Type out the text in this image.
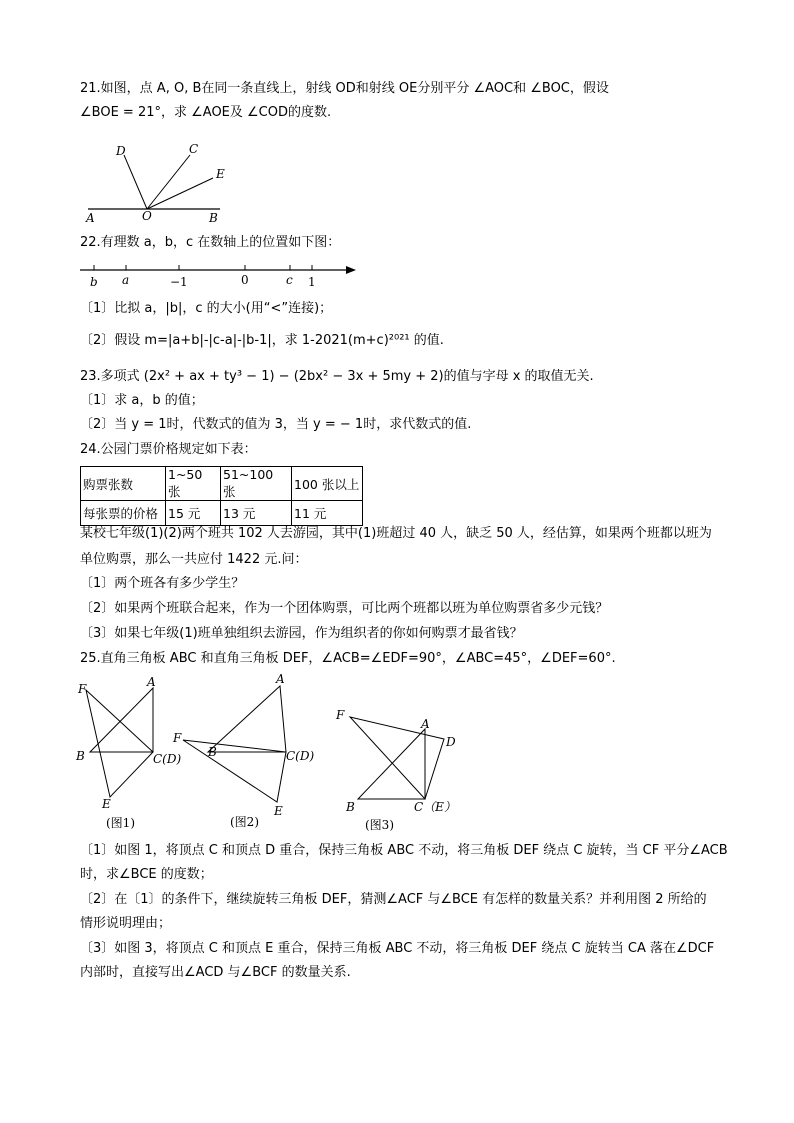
21.如图，点 A, O, B在同一条直线上，射线 OD和射线 OE分别平分 ∠AOC和 ∠BOC，假设
∠BOE = 21°，求 ∠AOE及 ∠COD的度数.
A	O	B
C
D
E
22.有理数 a，b，c 在数轴上的位置如下图：
b a	−1	0	c 1
〔1〕比拟 a，|b|，c 的大小(用“<”连接)；
〔2〕假设 m=|a+b|-|c-a|-|b-1|，求 1-2021(m+c)²⁰²¹ 的值.
23.多项式 (2x² + ax + ty³ − 1) − (2bx² − 3x + 5my + 2)的值与字母 x 的取值无关.
〔1〕求 a，b 的值；
〔2〕当 y = 1时，代数式的值为 3，当 y = − 1时，求代数式的值.
24.公园门票价格规定如下表：
购票张数	1~50 张	51~100 张	100 张以上
每张票的价格	15 元	13 元	11 元
某校七年级(1)(2)两个班共 102 人去游园，其中(1)班超过 40 人，缺乏 50 人，经估算，如果两个班都以班为
单位购票，那么一共应付 1422 元.问：
〔1〕两个班各有多少学生？
〔2〕如果两个班联合起来，作为一个团体购票，可比两个班都以班为单位购票省多少元钱？
〔3〕如果七年级(1)班单独组织去游园，作为组织者的你如何购票才最省钱？
25.直角三角板 ABC 和直角三角板 DEF，∠ACB=∠EDF=90°，∠ABC=45°，∠DEF=60°.
F	A
B	C(D)
E
(图1)
A
F
B	C(D)
E
(图2)
F
A
D
B	C（E）
(图3)
〔1〕如图 1，将顶点 C 和顶点 D 重合，保持三角板 ABC 不动，将三角板 DEF 绕点 C 旋转，当 CF 平分∠ACB
时，求∠BCE 的度数；
〔2〕在〔1〕的条件下，继续旋转三角板 DEF，猜测∠ACF 与∠BCE 有怎样的数量关系？并利用图 2 所给的
情形说明理由；
〔3〕如图 3，将顶点 C 和顶点 E 重合，保持三角板 ABC 不动，将三角板 DEF 绕点 C 旋转当 CA 落在∠DCF
内部时，直接写出∠ACD 与∠BCF 的数量关系.
